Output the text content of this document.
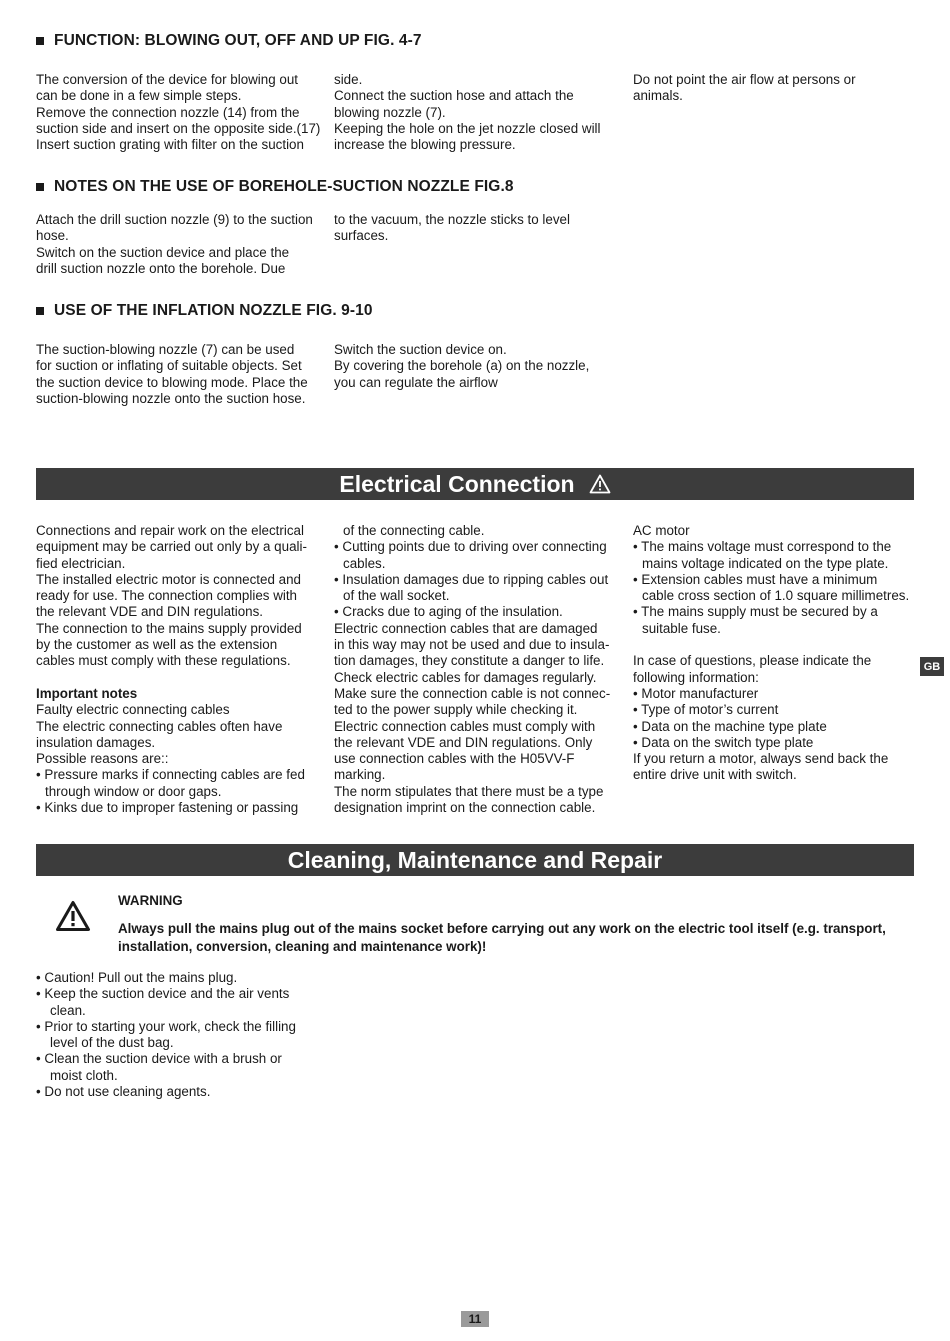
FUNCTION: BLOWING OUT, OFF AND UP FIG. 4-7

The conversion of the device for blowing out
can be done in a few simple steps.
Remove the connection nozzle (14) from the
suction side and insert on the opposite side.(17)
Insert suction grating with filter on the suction

side.
Connect the suction hose and attach the
blowing nozzle (7).
Keeping the hole on the jet nozzle closed will
increase the blowing pressure.

Do not point the air flow at persons or
animals.

NOTES ON THE USE OF BOREHOLE-SUCTION NOZZLE FIG.8

Attach the drill suction nozzle (9) to the suction
hose.
Switch on the suction device and place the
drill suction nozzle onto the borehole. Due

to the vacuum, the nozzle sticks to level
surfaces.

USE OF THE INFLATION NOZZLE FIG. 9-10

The suction-blowing nozzle (7) can be used
for suction or inflating of suitable objects. Set
the suction device to blowing mode. Place the
suction-blowing nozzle onto the suction hose.

Switch the suction device on.
By covering the borehole (a) on the nozzle,
you can regulate the airflow

Electrical Connection

Connections and repair work on the electrical
equipment may be carried out only by a quali-
fied electrician.
The installed electric motor is connected and
ready for use. The connection complies with
the relevant VDE and DIN regulations.
The connection to the mains supply provided
by the customer as well as the extension
cables must comply with these regulations.

Important notes

Faulty electric connecting cables
The electric connecting cables often have
insulation damages.
Possible reasons are::

• Pressure marks if connecting cables are fed
through window or door gaps.

• Kinks due to improper fastening or passing

of the connecting cable.

• Cutting points due to driving over connecting
cables.

• Insulation damages due to ripping cables out
of the wall socket.

• Cracks due to aging of the insulation.

Electric connection cables that are damaged
in this way may not be used and due to insula-
tion damages, they constitute a danger to life.
Check electric cables for damages regularly.
Make sure the connection cable is not connec-
ted to the power supply while checking it.
Electric connection cables must comply with
the relevant VDE and DIN regulations. Only
use connection cables with the H05VV-F
marking.
The norm stipulates that there must be a type
designation imprint on the connection cable.

AC motor

• The mains voltage must correspond to the
mains voltage indicated on the type plate.

• Extension cables must have a minimum
cable cross section of 1.0 square millimetres.

• The mains supply must be secured by a
suitable fuse.

In case of questions, please indicate the
following information:

• Motor manufacturer

• Type of motor’s current

• Data on the machine type plate

• Data on the switch type plate

If you return a motor, always send back the
entire drive unit with switch.

GB
Cleaning, Maintenance and Repair
WARNING
Always pull the mains plug out of the mains socket before carrying out any work on the electric tool itself (e.g. transport, installation, conversion, cleaning and maintenance work)!

• Caution! Pull out the mains plug.

• Keep the suction device and the air vents
clean.

• Prior to starting your work, check the filling
level of the dust bag.

• Clean the suction device with a brush or
moist cloth.

• Do not use cleaning agents.

11
